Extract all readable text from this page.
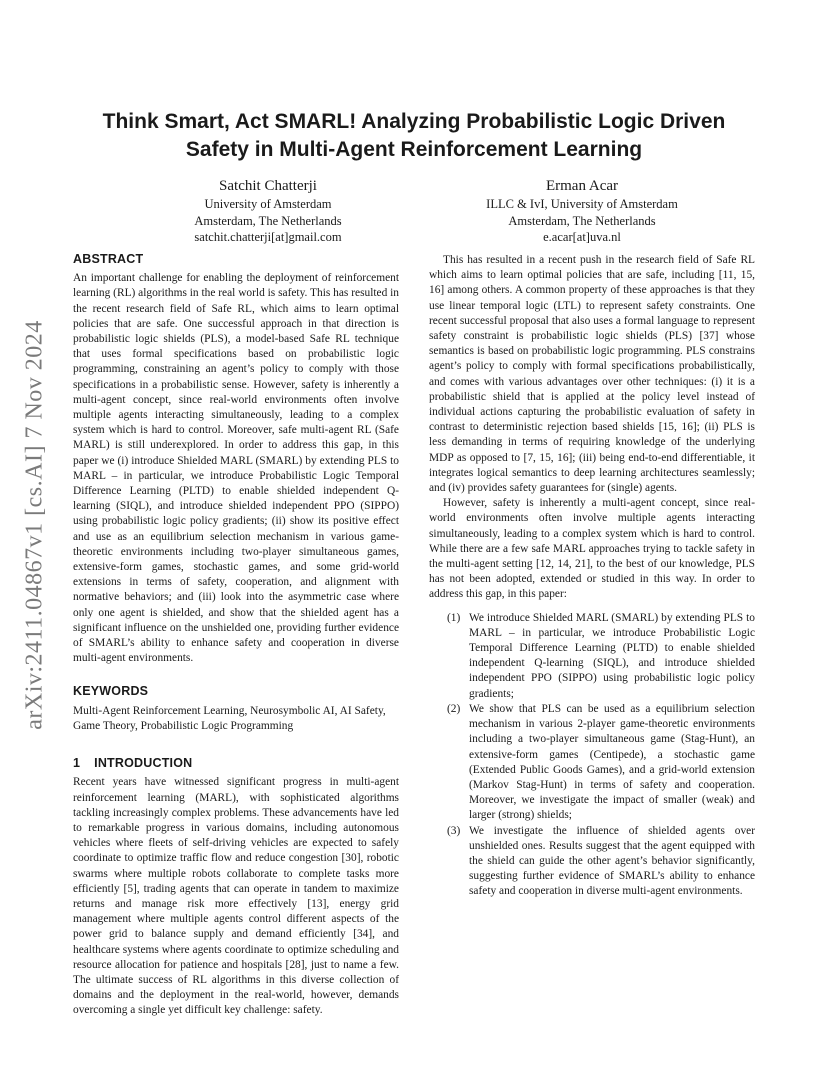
arXiv:2411.04867v1 [cs.AI] 7 Nov 2024
Think Smart, Act SMARL! Analyzing Probabilistic Logic Driven Safety in Multi-Agent Reinforcement Learning
Satchit Chatterji
University of Amsterdam
Amsterdam, The Netherlands
satchit.chatterji[at]gmail.com
Erman Acar
ILLC & IvI, University of Amsterdam
Amsterdam, The Netherlands
e.acar[at]uva.nl
ABSTRACT

An important challenge for enabling the deployment of reinforcement learning (RL) algorithms in the real world is safety. This has resulted in the recent research field of Safe RL, which aims to learn optimal policies that are safe. One successful approach in that direction is probabilistic logic shields (PLS), a model-based Safe RL technique that uses formal specifications based on probabilistic logic programming, constraining an agent’s policy to comply with those specifications in a probabilistic sense. However, safety is inherently a multi-agent concept, since real-world environments often involve multiple agents interacting simultaneously, leading to a complex system which is hard to control. Moreover, safe multi-agent RL (Safe MARL) is still underexplored. In order to address this gap, in this paper we (i) introduce Shielded MARL (SMARL) by extending PLS to MARL – in particular, we introduce Probabilistic Logic Temporal Difference Learning (PLTD) to enable shielded independent Q-learning (SIQL), and introduce shielded independent PPO (SIPPO) using probabilistic logic policy gradients; (ii) show its positive effect and use as an equilibrium selection mechanism in various game-theoretic environments including two-player simultaneous games, extensive-form games, stochastic games, and some grid-world extensions in terms of safety, cooperation, and alignment with normative behaviors; and (iii) look into the asymmetric case where only one agent is shielded, and show that the shielded agent has a significant influence on the unshielded one, providing further evidence of SMARL’s ability to enhance safety and cooperation in diverse multi-agent environments.

KEYWORDS

Multi-Agent Reinforcement Learning, Neurosymbolic AI, AI Safety, Game Theory, Probabilistic Logic Programming

1 INTRODUCTION

Recent years have witnessed significant progress in multi-agent reinforcement learning (MARL), with sophisticated algorithms tackling increasingly complex problems. These advancements have led to remarkable progress in various domains, including autonomous vehicles where fleets of self-driving vehicles are expected to safely coordinate to optimize traffic flow and reduce congestion [30], robotic swarms where multiple robots collaborate to complete tasks more efficiently [5], trading agents that can operate in tandem to maximize returns and manage risk more effectively [13], energy grid management where multiple agents control different aspects of the power grid to balance supply and demand efficiently [34], and healthcare systems where agents coordinate to optimize scheduling and resource allocation for patience and hospitals [28], just to name a few. The ultimate success of RL algorithms in this diverse collection of domains and the deployment in the real-world, however, demands overcoming a single yet difficult key challenge: safety.

This has resulted in a recent push in the research field of Safe RL which aims to learn optimal policies that are safe, including [11, 15, 16] among others. A common property of these approaches is that they use linear temporal logic (LTL) to represent safety constraints. One recent successful proposal that also uses a formal language to represent safety constraint is probabilistic logic shields (PLS) [37] whose semantics is based on probabilistic logic programming. PLS constrains agent’s policy to comply with formal specifications probabilistically, and comes with various advantages over other techniques: (i) it is a probabilistic shield that is applied at the policy level instead of individual actions capturing the probabilistic evaluation of safety in contrast to deterministic rejection based shields [15, 16]; (ii) PLS is less demanding in terms of requiring knowledge of the underlying MDP as opposed to [7, 15, 16]; (iii) being end-to-end differentiable, it integrates logical semantics to deep learning architectures seamlessly; and (iv) provides safety guarantees for (single) agents.

However, safety is inherently a multi-agent concept, since real-world environments often involve multiple agents interacting simultaneously, leading to a complex system which is hard to control. While there are a few safe MARL approaches trying to tackle safety in the multi-agent setting [12, 14, 21], to the best of our knowledge, PLS has not been adopted, extended or studied in this way. In order to address this gap, in this paper:

(1) We introduce Shielded MARL (SMARL) by extending PLS to MARL – in particular, we introduce Probabilistic Logic Temporal Difference Learning (PLTD) to enable shielded independent Q-learning (SIQL), and introduce shielded independent PPO (SIPPO) using probabilistic logic policy gradients;
(2) We show that PLS can be used as a equilibrium selection mechanism in various 2-player game-theoretic environments including a two-player simultaneous game (Stag-Hunt), an extensive-form games (Centipede), a stochastic game (Extended Public Goods Games), and a grid-world extension (Markov Stag-Hunt) in terms of safety and cooperation. Moreover, we investigate the impact of smaller (weak) and larger (strong) shields;
(3) We investigate the influence of shielded agents over unshielded ones. Results suggest that the agent equipped with the shield can guide the other agent’s behavior significantly, suggesting further evidence of SMARL’s ability to enhance safety and cooperation in diverse multi-agent environments.
